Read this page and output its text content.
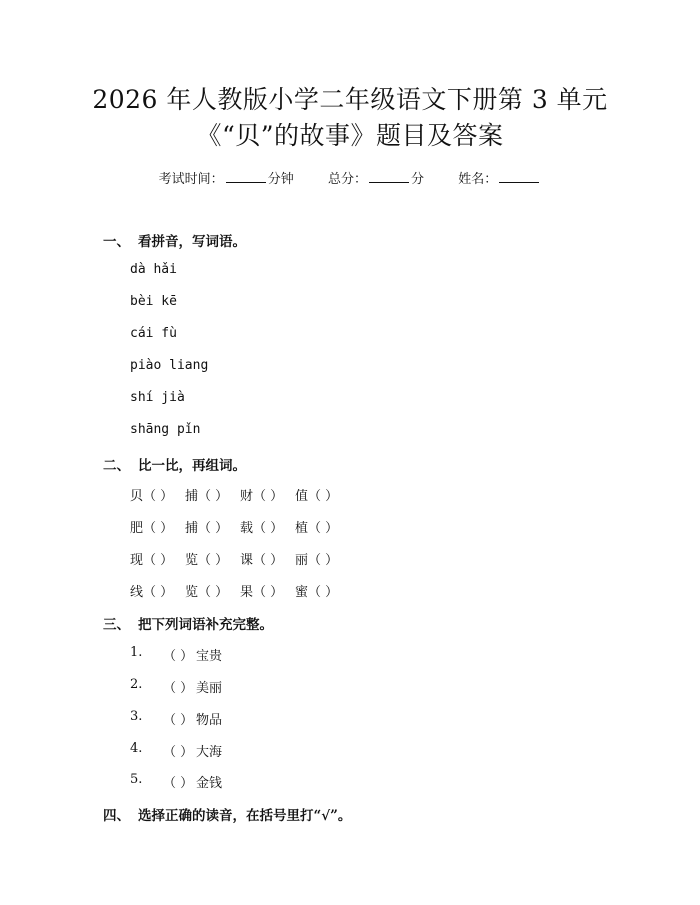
2026 年人教版小学二年级语文下册第 3 单元
《“贝”的故事》题目及答案
考试时间：	分钟	总分：	分	姓名：
一、 看拼音，写词语。
dà hǎi
bèi kē
cái fù
piào liang
shí jià
shāng pǐn
二、 比一比，再组词。
贝（ ） 捕（ ） 财（ ） 值（ ）
肥（ ） 捕（ ） 载（ ） 植（ ）
现（ ） 览（ ） 课（ ） 丽（ ）
线（ ） 览（ ） 果（ ） 蜜（ ）
三、 把下列词语补充完整。
1.	（ ） 宝贵
2.	（ ） 美丽
3.	（ ） 物品
4.	（ ） 大海
5.	（ ） 金钱
四、 选择正确的读音，在括号里打“√”。
